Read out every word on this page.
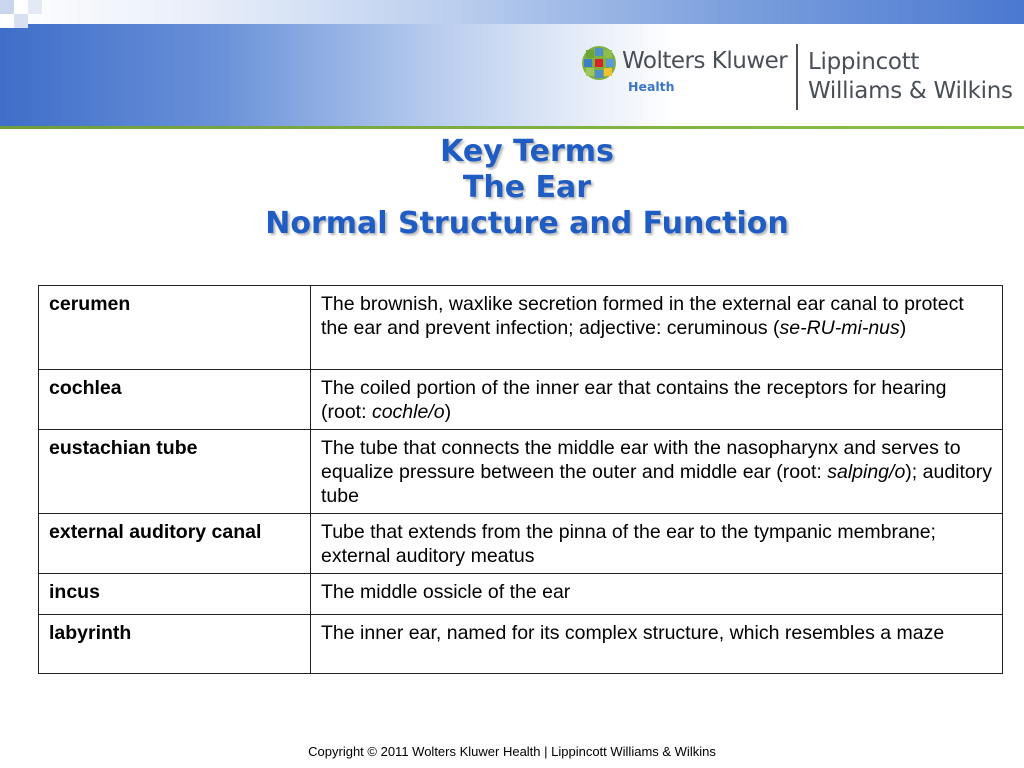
Wolters Kluwer
Health
Lippincott
Williams & Wilkins
Key Terms
The Ear
Normal Structure and Function
cerumen	The brownish, waxlike secretion formed in the external ear canal to protect the ear and prevent infection; adjective: ceruminous (se-RU-mi-nus)
cochlea	The coiled portion of the inner ear that contains the receptors for hearing (root: cochle/o)
eustachian tube	The tube that connects the middle ear with the nasopharynx and serves to equalize pressure between the outer and middle ear (root: salping/o); auditory tube
external auditory canal	Tube that extends from the pinna of the ear to the tympanic membrane; external auditory meatus
incus	The middle ossicle of the ear
labyrinth	The inner ear, named for its complex structure, which resembles a maze
Copyright © 2011 Wolters Kluwer Health | Lippincott Williams & Wilkins
